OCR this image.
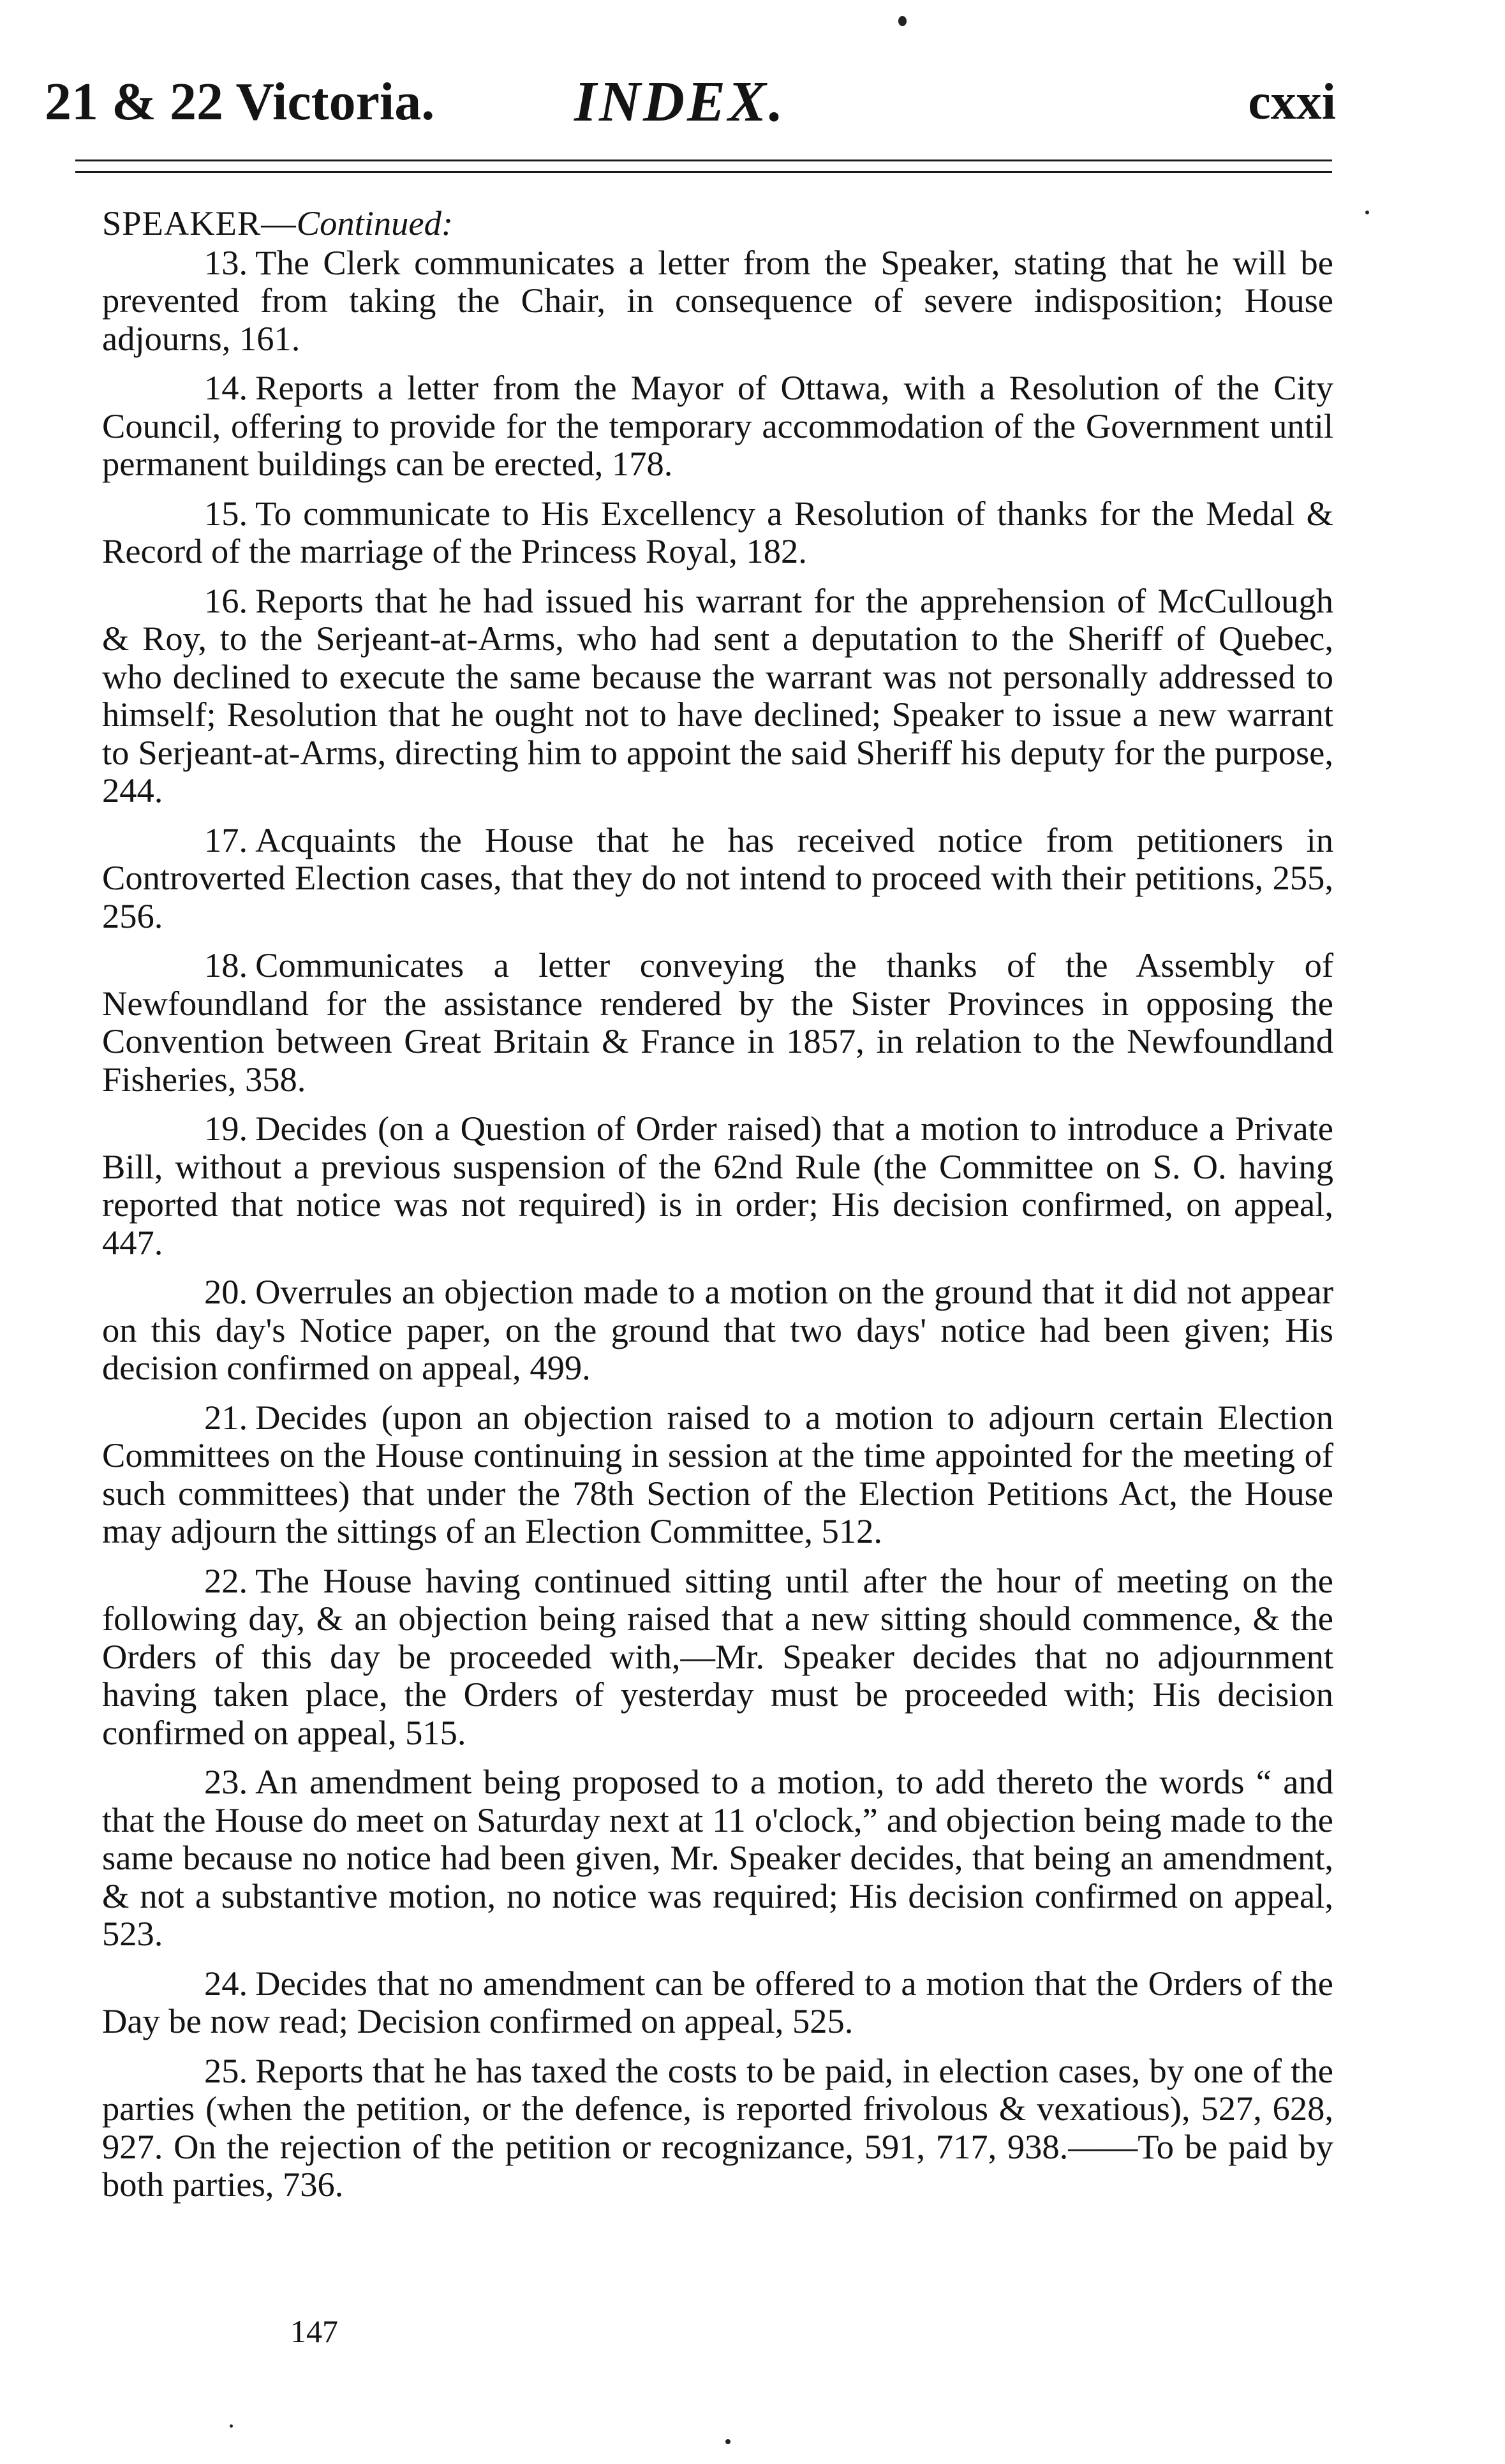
21 & 22 Victoria. INDEX.	cxxi

SPEAKER—Continued:

13. The Clerk communicates a letter from the Speaker, stating that he will be prevented from taking the Chair, in consequence of severe indisposition; House adjourns, 161.

14. Reports a letter from the Mayor of Ottawa, with a Resolution of the City Council, offering to provide for the temporary accommodation of the Government until permanent buildings can be erected, 178.

15. To communicate to His Excellency a Resolution of thanks for the Medal & Record of the marriage of the Princess Royal, 182.

16. Reports that he had issued his warrant for the apprehension of McCullough & Roy, to the Serjeant-at-Arms, who had sent a deputation to the Sheriff of Quebec, who declined to execute the same because the warrant was not personally addressed to himself; Resolution that he ought not to have declined; Speaker to issue a new warrant to Serjeant-at-Arms, directing him to appoint the said Sheriff his deputy for the purpose, 244.

17. Acquaints the House that he has received notice from petitioners in Controverted Election cases, that they do not intend to proceed with their petitions, 255, 256.

18. Communicates a letter conveying the thanks of the Assembly of Newfoundland for the assistance rendered by the Sister Provinces in opposing the Convention between Great Britain & France in 1857, in relation to the Newfoundland Fisheries, 358.

19. Decides (on a Question of Order raised) that a motion to introduce a Private Bill, without a previous suspension of the 62nd Rule (the Committee on S. O. having reported that notice was not required) is in order; His decision confirmed, on appeal, 447.

20. Overrules an objection made to a motion on the ground that it did not appear on this day's Notice paper, on the ground that two days' notice had been given; His decision confirmed on appeal, 499.

21. Decides (upon an objection raised to a motion to adjourn certain Election Committees on the House continuing in session at the time appointed for the meeting of such committees) that under the 78th Section of the Election Petitions Act, the House may adjourn the sittings of an Election Committee, 512.

22. The House having continued sitting until after the hour of meeting on the following day, & an objection being raised that a new sitting should commence, & the Orders of this day be proceeded with,—Mr. Speaker decides that no adjournment having taken place, the Orders of yesterday must be proceeded with; His decision confirmed on appeal, 515.

23. An amendment being proposed to a motion, to add thereto the words “ and that the House do meet on Saturday next at 11 o'clock,” and objection being made to the same because no notice had been given, Mr. Speaker decides, that being an amendment, & not a substantive motion, no notice was required; His decision confirmed on appeal, 523.

24. Decides that no amendment can be offered to a motion that the Orders of the Day be now read; Decision confirmed on appeal, 525.

25. Reports that he has taxed the costs to be paid, in election cases, by one of the parties (when the petition, or the defence, is reported frivolous & vexatious), 527, 628, 927. On the rejection of the petition or recognizance, 591, 717, 938.——To be paid by both parties, 736.

147
